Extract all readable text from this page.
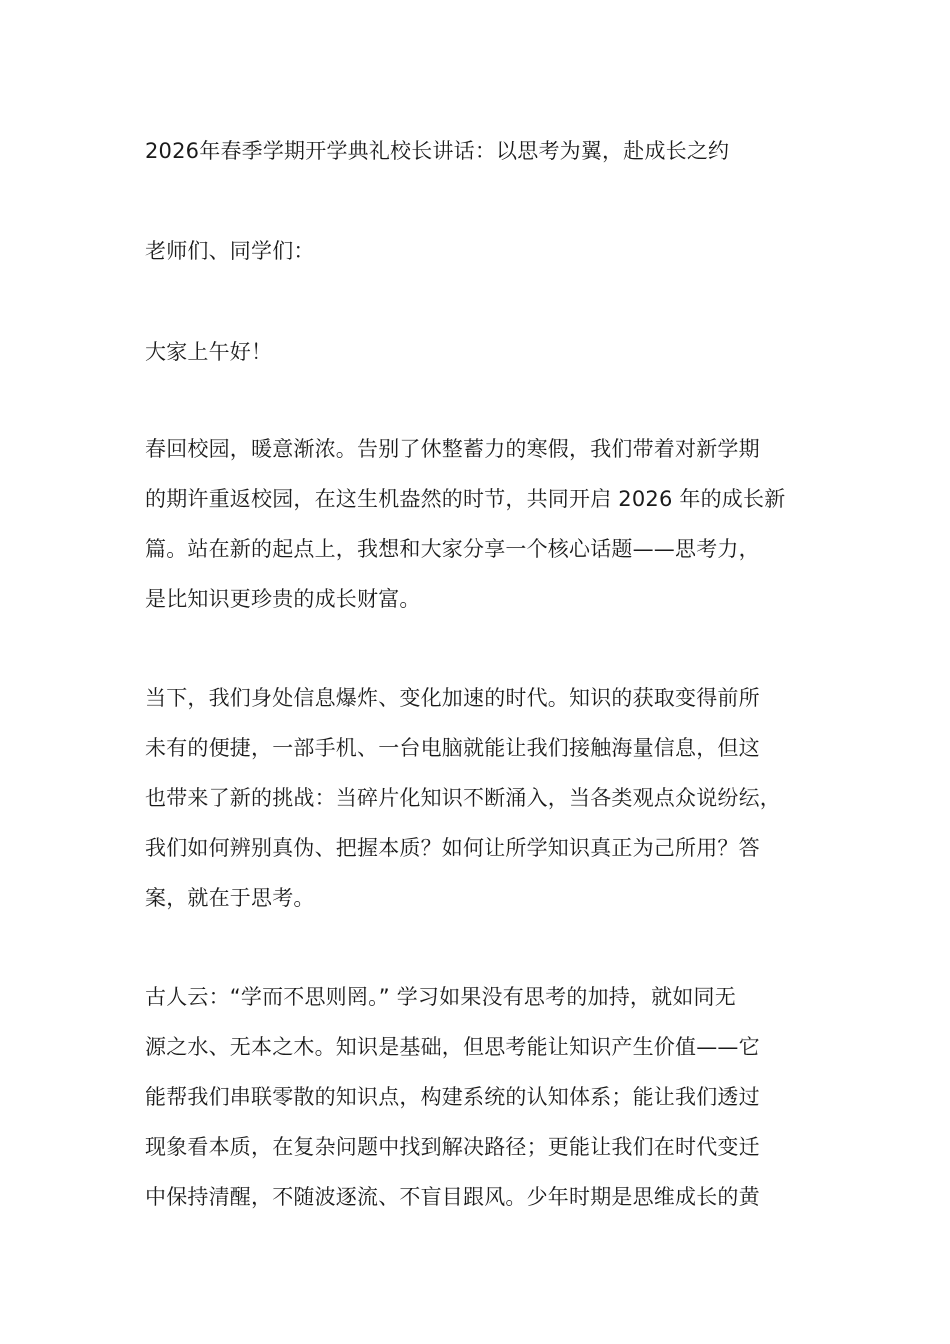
2026年春季学期开学典礼校长讲话：以思考为翼，赴成长之约
老师们、同学们：
大家上午好！
春回校园，暖意渐浓。告别了休整蓄力的寒假，我们带着对新学期
的期许重返校园，在这生机盎然的时节，共同开启 2026 年的成长新
篇。站在新的起点上，我想和大家分享一个核心话题——思考力，
是比知识更珍贵的成长财富。
当下，我们身处信息爆炸、变化加速的时代。知识的获取变得前所
未有的便捷，一部手机、一台电脑就能让我们接触海量信息，但这
也带来了新的挑战：当碎片化知识不断涌入，当各类观点众说纷纭，
我们如何辨别真伪、把握本质？如何让所学知识真正为己所用？答
案，就在于思考。
古人云：“学而不思则罔。” 学习如果没有思考的加持，就如同无
源之水、无本之木。知识是基础，但思考能让知识产生价值——它
能帮我们串联零散的知识点，构建系统的认知体系；能让我们透过
现象看本质，在复杂问题中找到解决路径；更能让我们在时代变迁
中保持清醒，不随波逐流、不盲目跟风。少年时期是思维成长的黄
